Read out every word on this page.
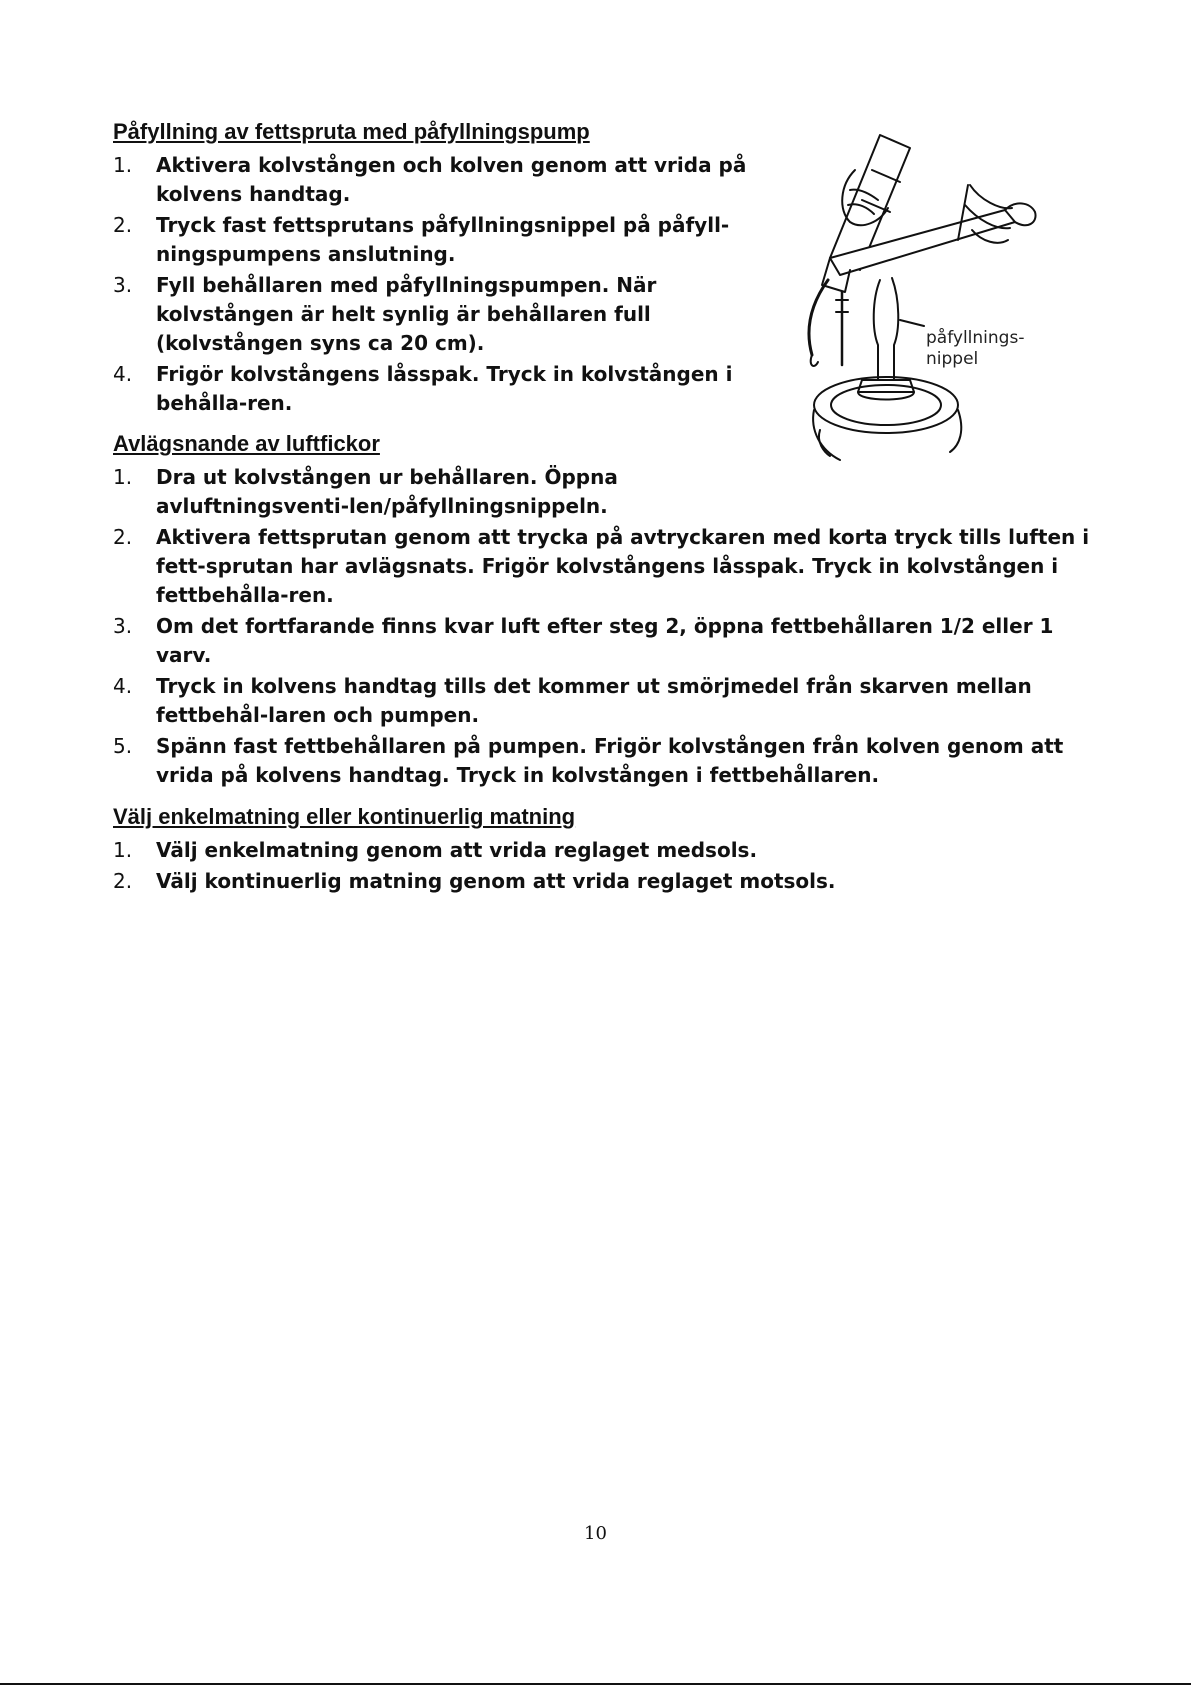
Påfyllning av fettspruta med påfyllningspump
1. Aktivera kolvstången och kolven genom att vrida på kolvens handtag.
2. Tryck fast fettsprutans påfyllningsnippel på påfyll-ningspumpens anslutning.
3. Fyll behållaren med påfyllningspumpen. När kolvstången är helt synlig är behållaren full (kolvstången syns ca 20 cm).
4. Frigör kolvstångens låsspak. Tryck in kolvstången i behålla-ren.
Avlägsnande av luftfickor
1. Dra ut kolvstången ur behållaren. Öppna avluftningsventi-len/påfyllningsnippeln.
2. Aktivera fettsprutan genom att trycka på avtryckaren med korta tryck tills luften i fett-sprutan har avlägsnats. Frigör kolvstångens låsspak. Tryck in kolvstången i fettbehålla-ren.
3. Om det fortfarande finns kvar luft efter steg 2, öppna fettbehållaren 1/2 eller 1 varv.
4. Tryck in kolvens handtag tills det kommer ut smörjmedel från skarven mellan fettbehål-laren och pumpen.
5. Spänn fast fettbehållaren på pumpen. Frigör kolvstången från kolven genom att vrida på kolvens handtag. Tryck in kolvstången i fettbehållaren.
Välj enkelmatning eller kontinuerlig matning
1. Välj enkelmatning genom att vrida reglaget medsols.
2. Välj kontinuerlig matning genom att vrida reglaget motsols.
påfyllnings-
nippel
10
